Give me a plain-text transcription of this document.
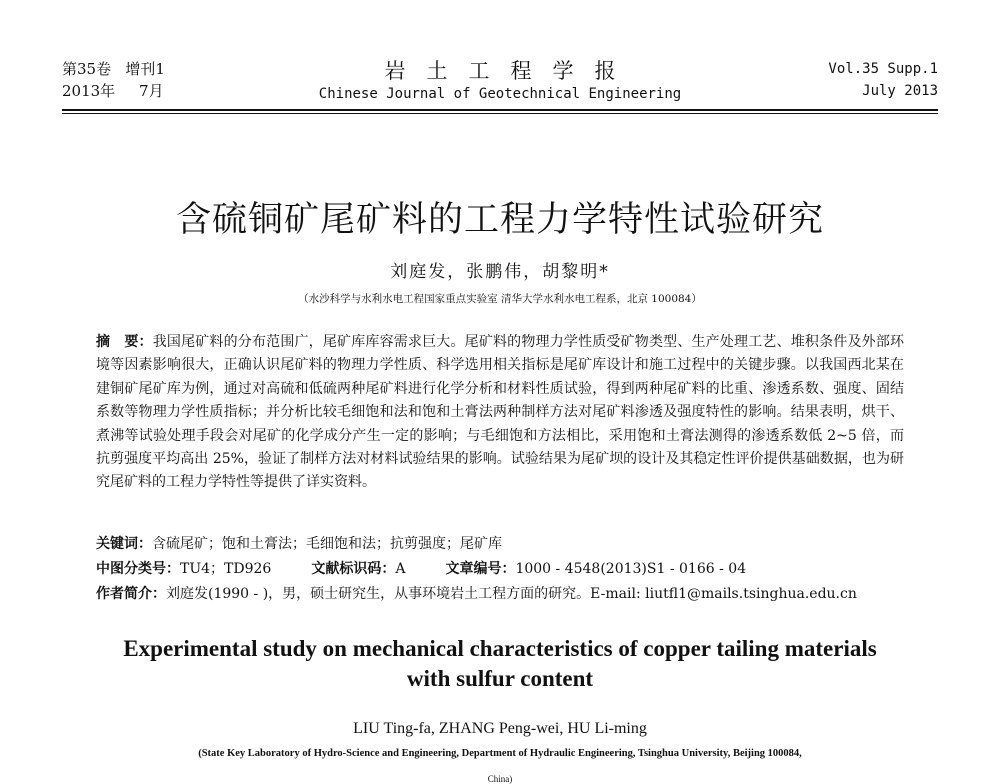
第35卷 增刊1
2013年 7月
岩土工程学报
Chinese Journal of Geotechnical Engineering
Vol.35 Supp.1
July 2013
含硫铜矿尾矿料的工程力学特性试验研究
刘庭发，张鹏伟，胡黎明*
（水沙科学与水利水电工程国家重点实验室 清华大学水利水电工程系，北京 100084）
摘　要：我国尾矿料的分布范围广，尾矿库库容需求巨大。尾矿料的物理力学性质受矿物类型、生产处理工艺、堆积条件及外部环境等因素影响很大，正确认识尾矿料的物理力学性质、科学选用相关指标是尾矿库设计和施工过程中的关键步骤。以我国西北某在建铜矿尾矿库为例，通过对高硫和低硫两种尾矿料进行化学分析和材料性质试验，得到两种尾矿料的比重、渗透系数、强度、固结系数等物理力学性质指标；并分析比较毛细饱和法和饱和土膏法两种制样方法对尾矿料渗透及强度特性的影响。结果表明，烘干、煮沸等试验处理手段会对尾矿的化学成分产生一定的影响；与毛细饱和方法相比，采用饱和土膏法测得的渗透系数低 2~5 倍，而抗剪强度平均高出 25%，验证了制样方法对材料试验结果的影响。试验结果为尾矿坝的设计及其稳定性评价提供基础数据，也为研究尾矿料的工程力学特性等提供了详实资料。
关键词：含硫尾矿；饱和土膏法；毛细饱和法；抗剪强度；尾矿库
中图分类号：TU4；TD926	文献标识码：A	文章编号：1000 - 4548(2013)S1 - 0166 - 04
作者简介：刘庭发(1990 - )，男，硕士研究生，从事环境岩土工程方面的研究。E-mail: liutfl1@mails.tsinghua.edu.cn
Experimental study on mechanical characteristics of copper tailing materials
with sulfur content
LIU Ting-fa, ZHANG Peng-wei, HU Li-ming
(State Key Laboratory of Hydro-Science and Engineering, Department of Hydraulic Engineering, Tsinghua University, Beijing 100084,
China)
